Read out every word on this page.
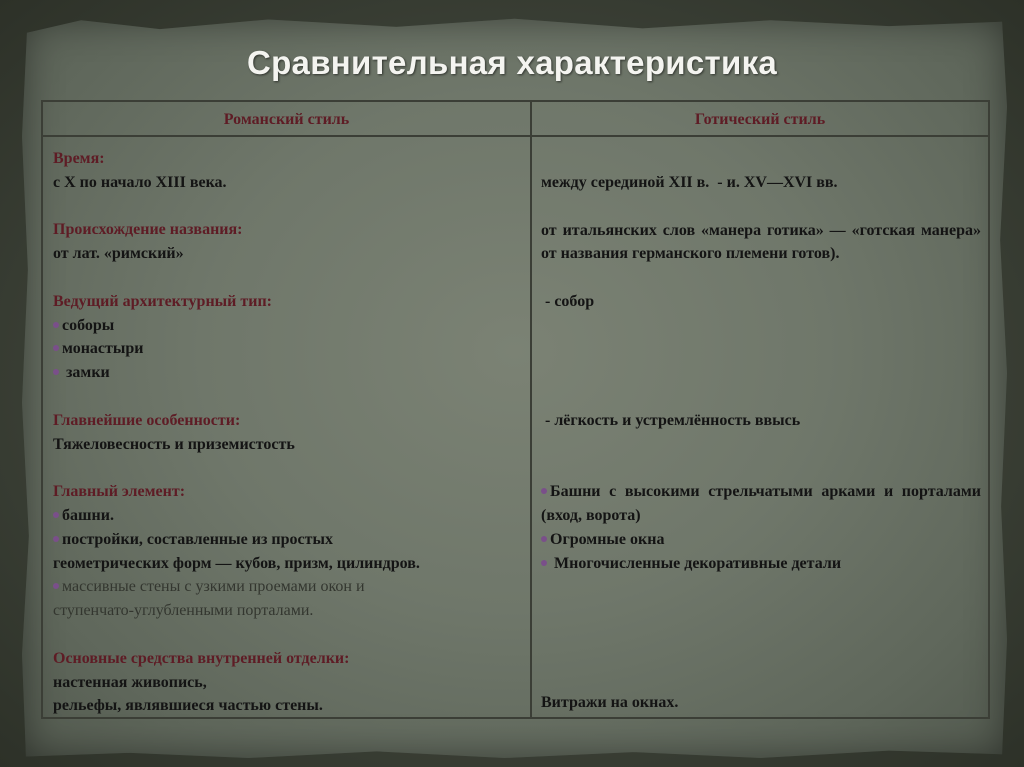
Сравнительная характеристика
Романский стиль	Готический стиль
Время:
с Х по начало ХIII века.
Происхождение названия:
от лат. «римский»
Ведущий архитектурный тип:
соборы
монастыри
замки
Главнейшие особенности:
Тяжеловесность и приземистость
Главный элемент:
башни.
постройки, составленные из простых
геометрических форм — кубов, призм, цилиндров.
массивные стены с узкими проемами окон и
ступенчато-углубленными порталами.
Основные средства внутренней отделки:
настенная живопись,
рельефы, являвшиеся частью стены.
между серединой XII в.  - и. XV—XVI вв.
от итальянских слов «манера готика» — «готская манера» от названия германского племени готов).
- собор
- лёгкость и устремлённость ввысь
Башни с высокими стрельчатыми арками и порталами (вход, ворота)
Огромные окна
Многочисленные декоративные детали
Витражи на окнах.
